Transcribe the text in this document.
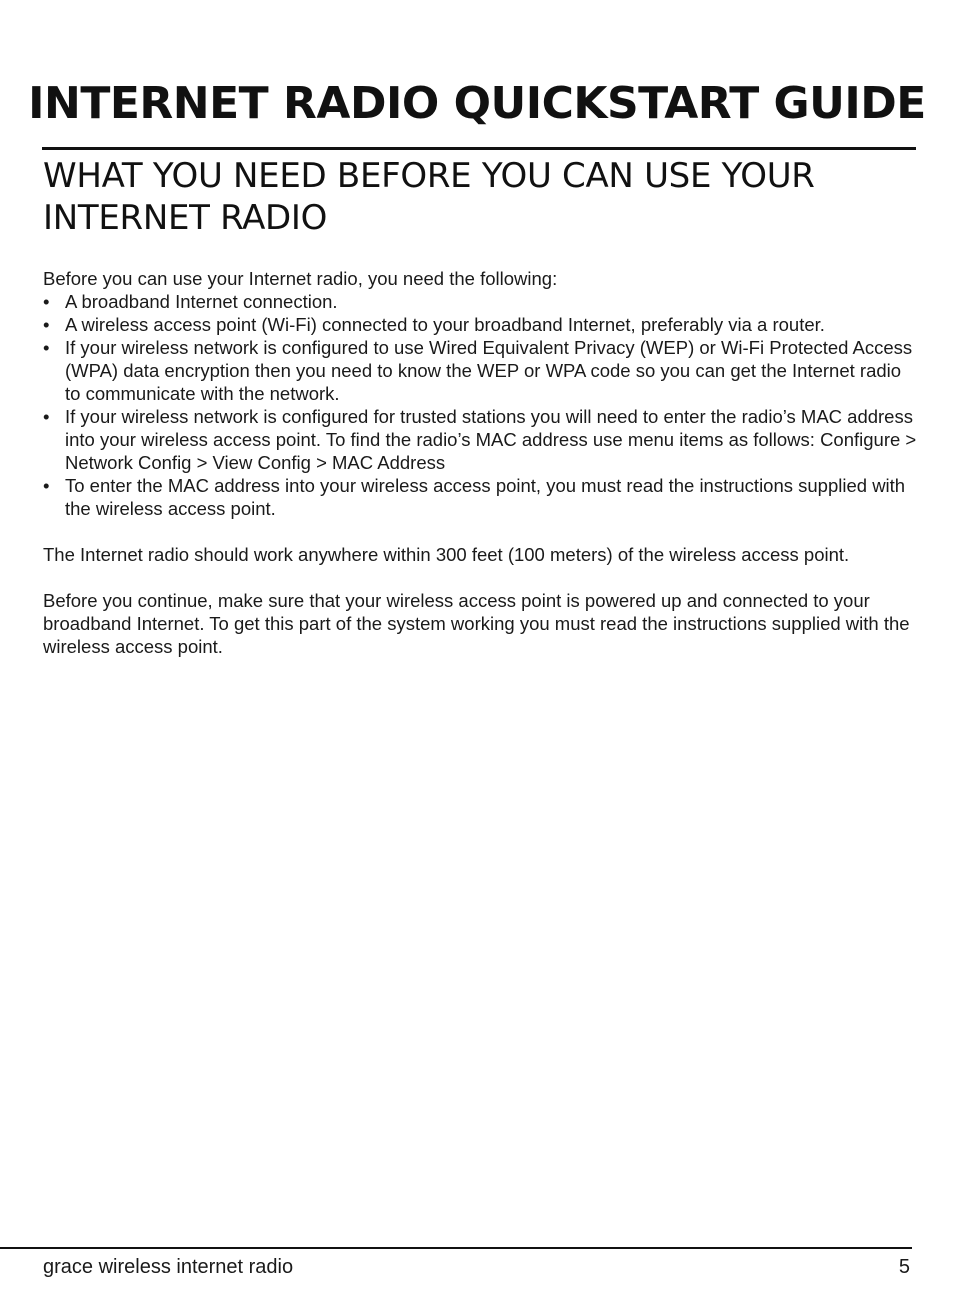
INTERNET RADIO QUICKSTART GUIDE
WHAT YOU NEED BEFORE YOU CAN USE YOUR INTERNET RADIO

Before you can use your Internet radio, you need the following:

• A broadband Internet connection.
• A wireless access point (Wi-Fi) connected to your broadband Internet, preferably via a router.
• If your wireless network is configured to use Wired Equivalent Privacy (WEP) or Wi-Fi Protected Access (WPA) data encryption then you need to know the WEP or WPA code so you can get the Internet radio to communicate with the network.
• If your wireless network is configured for trusted stations you will need to enter the radio’s MAC address into your wireless access point. To find the radio’s MAC address use menu items as follows: Configure > Network Config > View Config > MAC Address
• To enter the MAC address into your wireless access point, you must read the instructions supplied with the wireless access point.

The Internet radio should work anywhere within 300 feet (100 meters) of the wireless access point.

Before you continue, make sure that your wireless access point is powered up and connected to your broadband Internet. To get this part of the system working you must read the instructions supplied with the wireless access point.

grace wireless internet radio	5
